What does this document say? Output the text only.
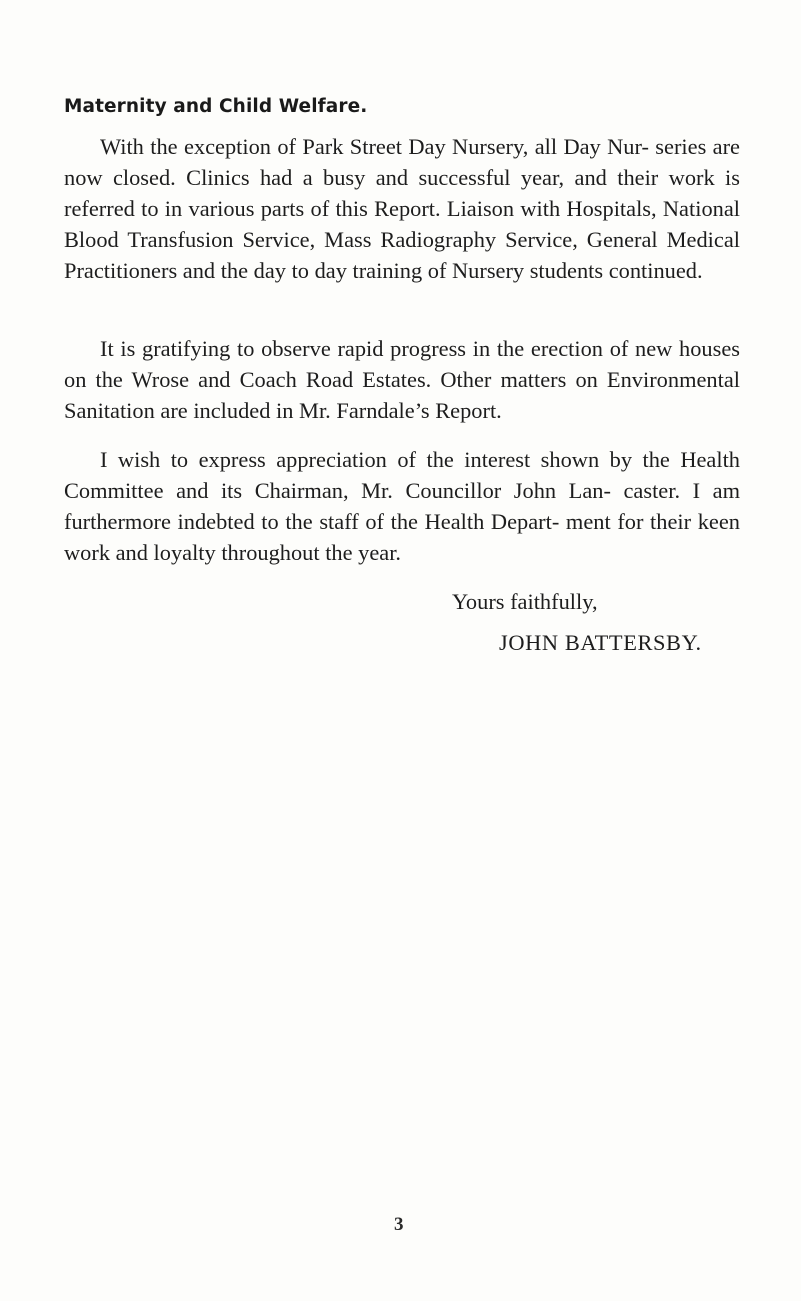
Maternity and Child Welfare.

With the exception of Park Street Day Nursery, all Day Nur- series are now closed. Clinics had a busy and successful year, and their work is referred to in various parts of this Report. Liaison with Hospitals, National Blood Transfusion Service, Mass Radiography Service, General Medical Practitioners and the day to day training of Nursery students continued.

It is gratifying to observe rapid progress in the erection of new houses on the Wrose and Coach Road Estates. Other matters on Environmental Sanitation are included in Mr. Farndale’s Report.

I wish to express appreciation of the interest shown by the Health Committee and its Chairman, Mr. Councillor John Lan- caster. I am furthermore indebted to the staff of the Health Depart- ment for their keen work and loyalty throughout the year.

Yours faithfully,

JOHN BATTERSBY.

3
